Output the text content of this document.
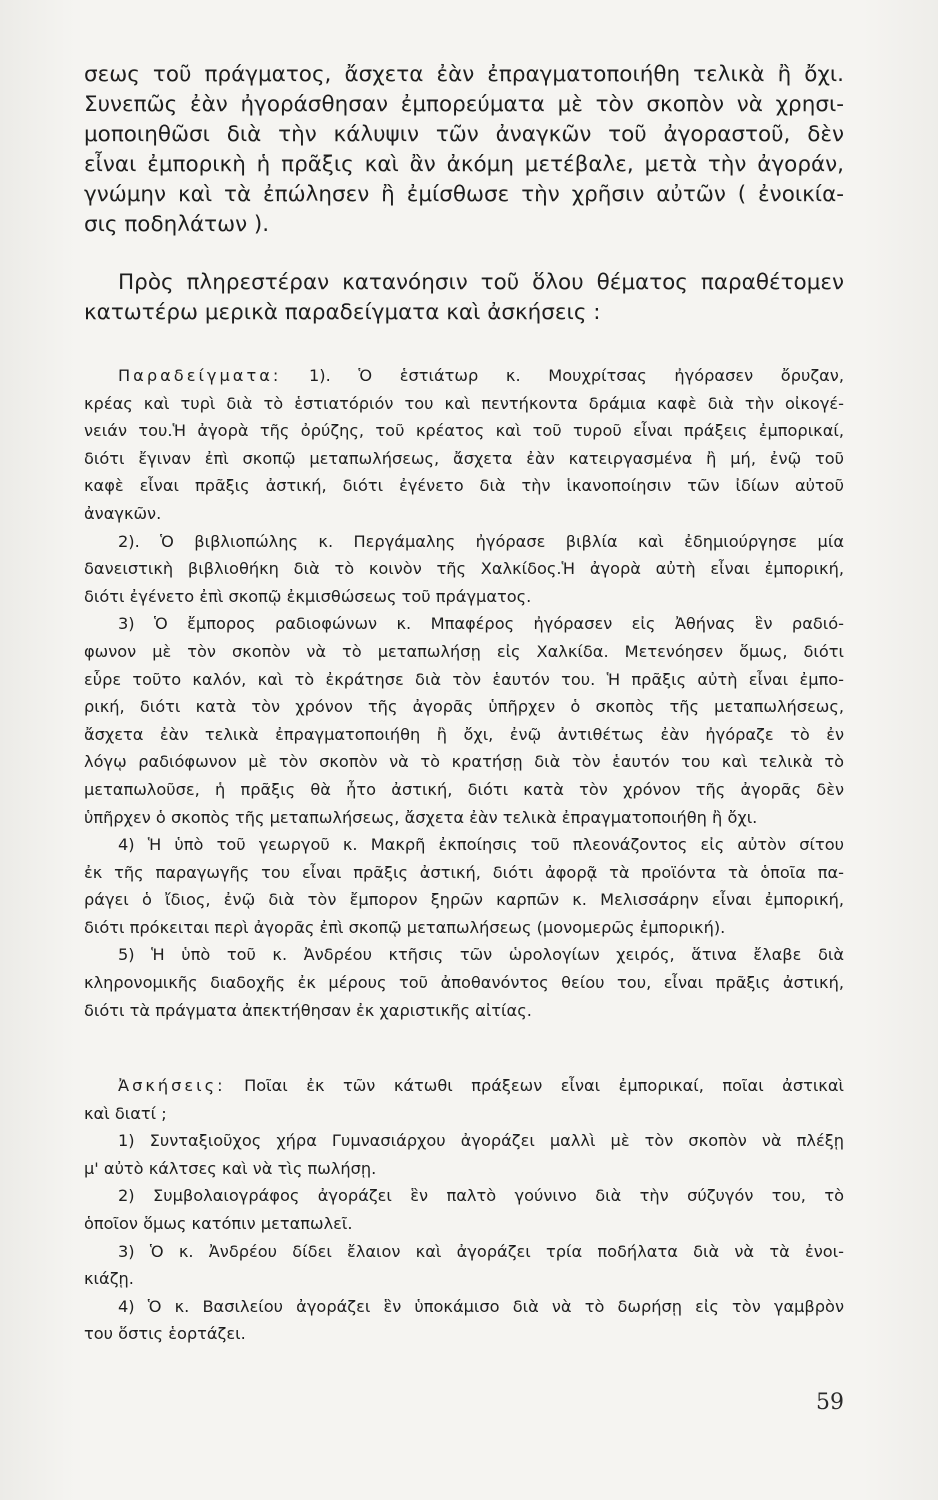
σεως τοῦ πράγματος, ἄσχετα ἐὰν ἐπραγματοποιήθη τελικὰ ἢ ὄχι.
Συνεπῶς ἐὰν ἠγοράσθησαν ἐμπορεύματα μὲ τὸν σκοπὸν νὰ χρησι-
μοποιηθῶσι διὰ τὴν κάλυψιν τῶν ἀναγκῶν τοῦ ἀγοραστοῦ, δὲν
εἶναι ἐμπορικὴ ἡ πρᾶξις καὶ ἂν ἀκόμη μετέβαλε, μετὰ τὴν ἀγοράν,
γνώμην καὶ τὰ ἐπώλησεν ἢ ἐμίσθωσε τὴν χρῆσιν αὐτῶν ( ἐνοικία-
σις ποδηλάτων ).
Πρὸς πληρεστέραν κατανόησιν τοῦ ὅλου θέματος παραθέτομεν
κατωτέρω μερικὰ παραδείγματα καὶ ἀσκήσεις :
Παραδείγματα: 1). Ὁ ἑστιάτωρ κ. Μουχρίτσας ἠγόρασεν ὄρυζαν,
κρέας καὶ τυρὶ διὰ τὸ ἑστιατόριόν του καὶ πεντήκοντα δράμια καφὲ διὰ τὴν οἰκογέ-
νειάν του.Ἡ ἀγορὰ τῆς ὀρύζης, τοῦ κρέατος καὶ τοῦ τυροῦ εἶναι πράξεις ἐμπορικαί,
διότι ἔγιναν ἐπὶ σκοπῷ μεταπωλήσεως, ἄσχετα ἐὰν κατειργασμένα ἢ μή, ἐνῷ τοῦ
καφὲ εἶναι πρᾶξις ἀστική, διότι ἐγένετο διὰ τὴν ἱκανοποίησιν τῶν ἰδίων αὐτοῦ
ἀναγκῶν.
2). Ὁ βιβλιοπώλης κ. Περγάμαλης ἠγόρασε βιβλία καὶ ἐδημιούργησε μία
δανειστικὴ βιβλιοθήκη διὰ τὸ κοινὸν τῆς Χαλκίδος.Ἡ ἀγορὰ αὐτὴ εἶναι ἐμπορική,
διότι ἐγένετο ἐπὶ σκοπῷ ἐκμισθώσεως τοῦ πράγματος.
3) Ὁ ἔμπορος ραδιοφώνων κ. Μπαφέρος ἠγόρασεν εἰς Ἀθήνας ἓν ραδιό-
φωνον μὲ τὸν σκοπὸν νὰ τὸ μεταπωλήσῃ εἰς Χαλκίδα. Μετενόησεν ὅμως, διότι
εὗρε τοῦτο καλόν, καὶ τὸ ἐκράτησε διὰ τὸν ἑαυτόν του. Ἡ πρᾶξις αὐτὴ εἶναι ἐμπο-
ρική, διότι κατὰ τὸν χρόνον τῆς ἀγορᾶς ὑπῆρχεν ὁ σκοπὸς τῆς μεταπωλήσεως,
ἄσχετα ἐὰν τελικὰ ἐπραγματοποιήθη ἢ ὄχι, ἐνῷ ἀντιθέτως ἐὰν ἠγόραζε τὸ ἐν
λόγῳ ραδιόφωνον μὲ τὸν σκοπὸν νὰ τὸ κρατήσῃ διὰ τὸν ἑαυτόν του καὶ τελικὰ τὸ
μεταπωλοῦσε, ἡ πρᾶξις θὰ ἦτο ἀστική, διότι κατὰ τὸν χρόνον τῆς ἀγορᾶς δὲν
ὑπῆρχεν ὁ σκοπὸς τῆς μεταπωλήσεως, ἄσχετα ἐὰν τελικὰ ἐπραγματοποιήθη ἢ ὄχι.
4) Ἡ ὑπὸ τοῦ γεωργοῦ κ. Μακρῆ ἐκποίησις τοῦ πλεονάζοντος εἰς αὐτὸν σίτου
ἐκ τῆς παραγωγῆς του εἶναι πρᾶξις ἀστική, διότι ἀφορᾷ τὰ προϊόντα τὰ ὁποῖα πα-
ράγει ὁ ἴδιος, ἐνῷ διὰ τὸν ἔμπορον ξηρῶν καρπῶν κ. Μελισσάρην εἶναι ἐμπορική,
διότι πρόκειται περὶ ἀγορᾶς ἐπὶ σκοπῷ μεταπωλήσεως (μονομερῶς ἐμπορική).
5) Ἡ ὑπὸ τοῦ κ. Ἀνδρέου κτῆσις τῶν ὡρολογίων χειρός, ἅτινα ἔλαβε διὰ
κληρονομικῆς διαδοχῆς ἐκ μέρους τοῦ ἀποθανόντος θείου του, εἶναι πρᾶξις ἀστική,
διότι τὰ πράγματα ἀπεκτήθησαν ἐκ χαριστικῆς αἰτίας.
Ἀσκήσεις: Ποῖαι ἐκ τῶν κάτωθι πράξεων εἶναι ἐμπορικαί, ποῖαι ἀστικαὶ
καὶ διατί ;
1) Συνταξιοῦχος χήρα Γυμνασιάρχου ἀγοράζει μαλλὶ μὲ τὸν σκοπὸν νὰ πλέξῃ
μ' αὐτὸ κάλτσες καὶ νὰ τὶς πωλήσῃ.
2) Συμβολαιογράφος ἀγοράζει ἓν παλτὸ γούνινο διὰ τὴν σύζυγόν του, τὸ
ὁποῖον ὅμως κατόπιν μεταπωλεῖ.
3) Ὁ κ. Ἀνδρέου δίδει ἔλαιον καὶ ἀγοράζει τρία ποδήλατα διὰ νὰ τὰ ἐνοι-
κιάζῃ.
4) Ὁ κ. Βασιλείου ἀγοράζει ἓν ὑποκάμισο διὰ νὰ τὸ δωρήσῃ εἰς τὸν γαμβρὸν
του ὅστις ἑορτάζει.
59
